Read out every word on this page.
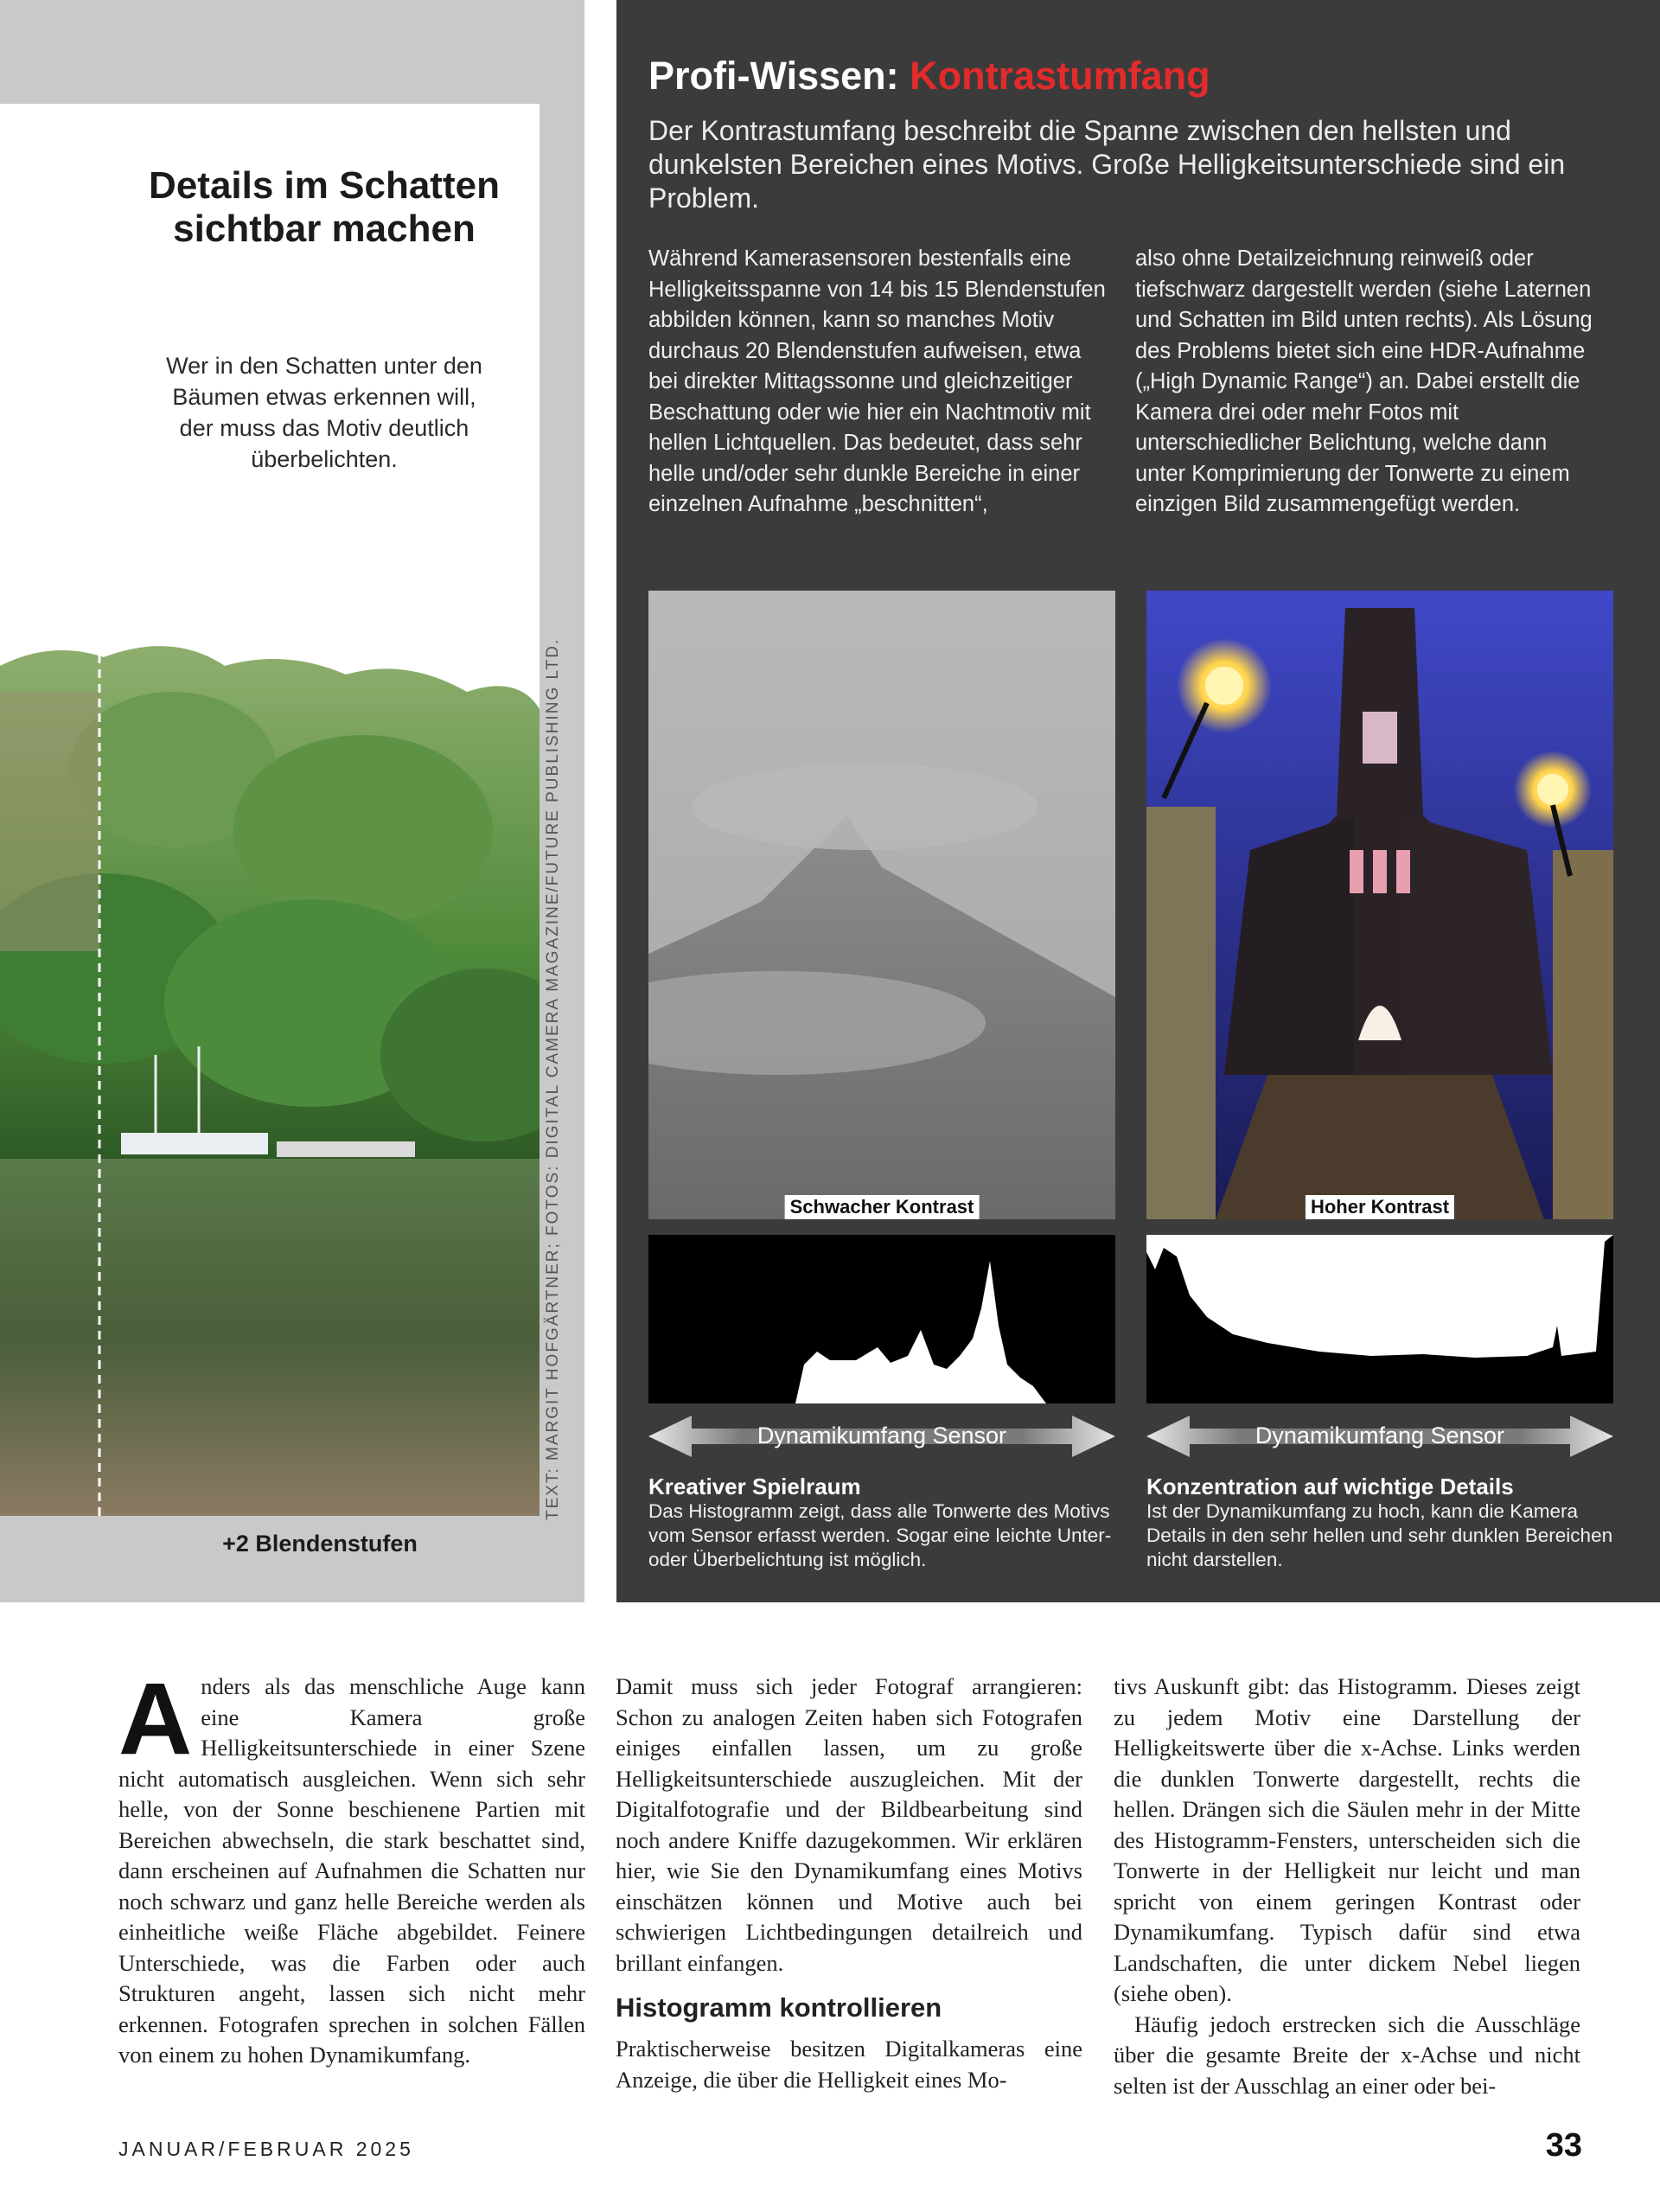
Details im Schatten sichtbar machen

Wer in den Schatten unter den Bäumen etwas erkennen will, der muss das Motiv deutlich überbelichten.

TEXT: MARGIT HOFGÄRTNER; FOTOS: DIGITAL CAMERA MAGAZINE/FUTURE PUBLISHING LTD.
+2 Blendenstufen
Profi-Wissen: Kontrastumfang

Der Kontrastumfang beschreibt die Spanne zwischen den hellsten und dunkelsten Bereichen eines Motivs. Große Helligkeitsunterschiede sind ein Problem.

Während Kamerasensoren bestenfalls eine Helligkeitsspanne von 14 bis 15 Blendenstufen abbilden können, kann so manches Motiv durchaus 20 Blendenstufen aufweisen, etwa bei direkter Mittagssonne und gleichzeitiger Beschattung oder wie hier ein Nachtmotiv mit hellen Lichtquellen. Das bedeutet, dass sehr helle und/oder sehr dunkle Bereiche in einer einzelnen Aufnahme „beschnitten“,

also ohne Detailzeichnung reinweiß oder tiefschwarz dargestellt werden (siehe Laternen und Schatten im Bild unten rechts). Als Lösung des Problems bietet sich eine HDR-Aufnahme („High Dynamic Range“) an. Dabei erstellt die Kamera drei oder mehr Fotos mit unterschiedlicher Belichtung, welche dann unter Komprimierung der Tonwerte zu einem einzigen Bild zusammengefügt werden.

Schwacher Kontrast	Hoher Kontrast
Dynamikumfang Sensor	Dynamikumfang Sensor
Kreativer Spielraum

Das Histogramm zeigt, dass alle Tonwerte des Motivs vom Sensor erfasst werden. Sogar eine leichte Unter- oder Überbelichtung ist möglich.

Konzentration auf wichtige Details

Ist der Dynamikumfang zu hoch, kann die Kamera Details in den sehr hellen und sehr dunklen Bereichen nicht darstellen.

Anders als das menschliche Auge kann eine Kamera große Helligkeitsunterschiede in einer Szene nicht automatisch ausgleichen. Wenn sich sehr helle, von der Sonne beschienene Partien mit Bereichen abwechseln, die stark beschattet sind, dann erscheinen auf Aufnahmen die Schatten nur noch schwarz und ganz helle Bereiche werden als einheitliche weiße Fläche abgebildet. Feinere Unterschiede, was die Farben oder auch Strukturen angeht, lassen sich nicht mehr erkennen. Fotografen sprechen in solchen Fällen von einem zu hohen Dynamikumfang.

Damit muss sich jeder Fotograf arrangieren: Schon zu analogen Zeiten haben sich Fotografen einiges einfallen lassen, um zu große Helligkeitsunterschiede auszugleichen. Mit der Digitalfotografie und der Bildbearbeitung sind noch andere Kniffe dazugekommen. Wir erklären hier, wie Sie den Dynamikumfang eines Motivs einschätzen können und Motive auch bei schwierigen Lichtbedingungen detailreich und brillant einfangen.

Histogramm kontrollieren

Praktischerweise besitzen Digitalkameras eine Anzeige, die über die Helligkeit eines Mo-

tivs Auskunft gibt: das Histogramm. Dieses zeigt zu jedem Motiv eine Darstellung der Helligkeitswerte über die x-Achse. Links werden die dunklen Tonwerte dargestellt, rechts die hellen. Drängen sich die Säulen mehr in der Mitte des Histogramm-Fensters, unterscheiden sich die Tonwerte in der Helligkeit nur leicht und man spricht von einem geringen Kontrast oder Dynamikumfang. Typisch dafür sind etwa Landschaften, die unter dickem Nebel liegen (siehe oben).

Häufig jedoch erstrecken sich die Ausschläge über die gesamte Breite der x-Achse und nicht selten ist der Ausschlag an einer oder bei-

JANUAR/FEBRUAR 2025	33
